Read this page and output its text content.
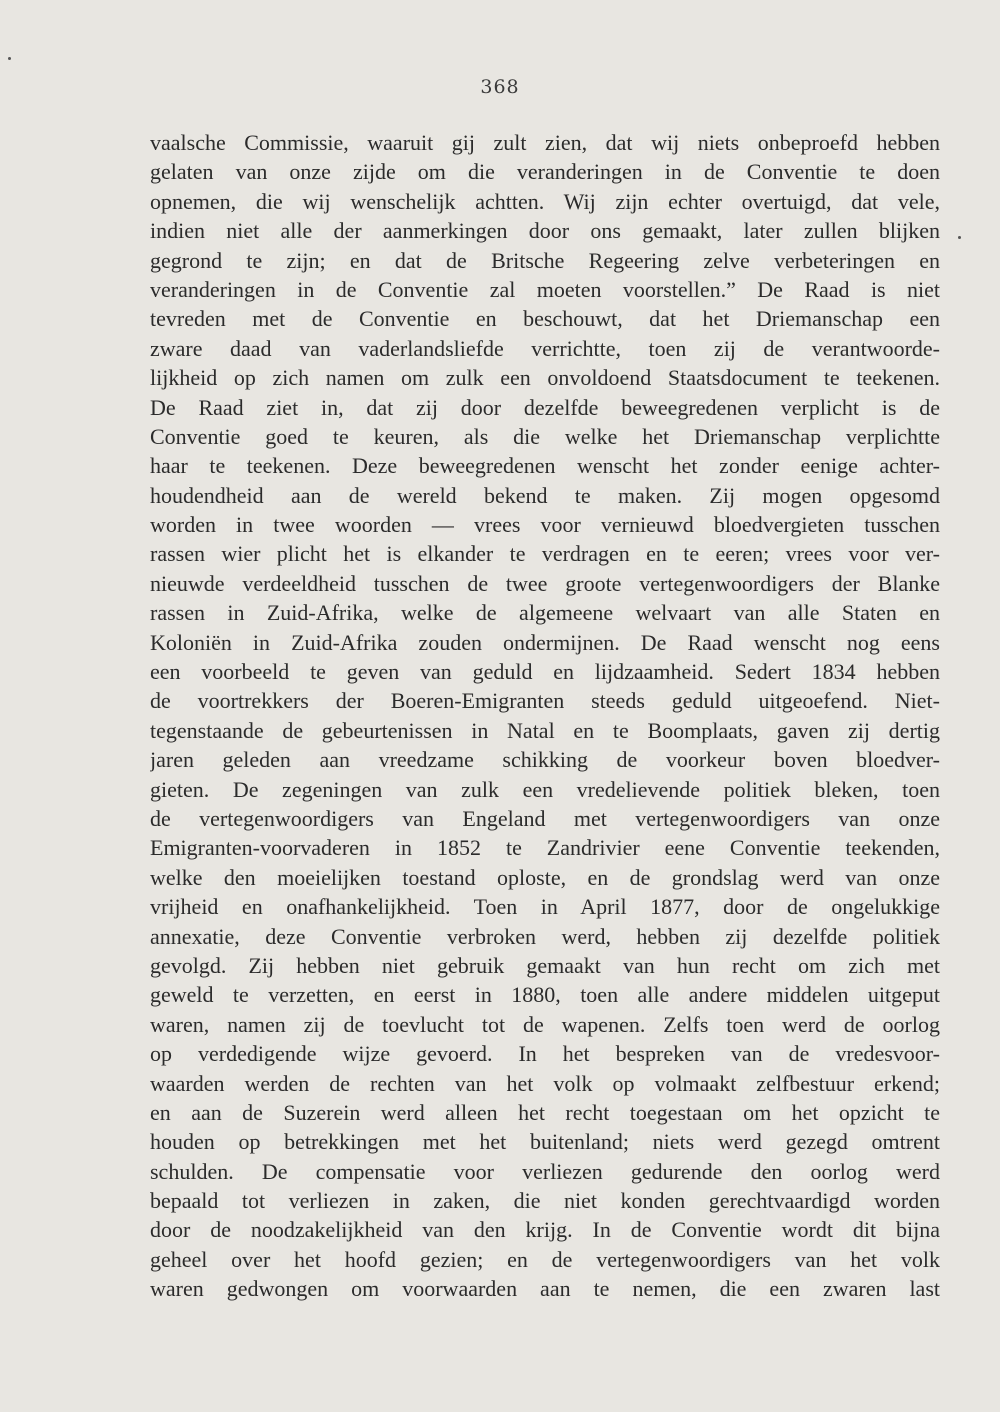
368
vaalsche Commissie, waaruit gij zult zien, dat wij niets onbeproefd hebben
gelaten van onze zijde om die veranderingen in de Conventie te doen
opnemen, die wij wenschelijk achtten. Wij zijn echter overtuigd, dat vele,
indien niet alle der aanmerkingen door ons gemaakt, later zullen blijken
gegrond te zijn; en dat de Britsche Regeering zelve verbeteringen en
veranderingen in de Conventie zal moeten voorstellen.” De Raad is niet
tevreden met de Conventie en beschouwt, dat het Driemanschap een
zware daad van vaderlandsliefde verrichtte, toen zij de verantwoorde-
lijkheid op zich namen om zulk een onvoldoend Staatsdocument te teekenen.
De Raad ziet in, dat zij door dezelfde beweegredenen verplicht is de
Conventie goed te keuren, als die welke het Driemanschap verplichtte
haar te teekenen. Deze beweegredenen wenscht het zonder eenige achter-
houdendheid aan de wereld bekend te maken. Zij mogen opgesomd
worden in twee woorden — vrees voor vernieuwd bloedvergieten tusschen
rassen wier plicht het is elkander te verdragen en te eeren; vrees voor ver-
nieuwde verdeeldheid tusschen de twee groote vertegenwoordigers der Blanke
rassen in Zuid-Afrika, welke de algemeene welvaart van alle Staten en
Koloniën in Zuid-Afrika zouden ondermijnen. De Raad wenscht nog eens
een voorbeeld te geven van geduld en lijdzaamheid. Sedert 1834 hebben
de voortrekkers der Boeren-Emigranten steeds geduld uitgeoefend. Niet-
tegenstaande de gebeurtenissen in Natal en te Boomplaats, gaven zij dertig
jaren geleden aan vreedzame schikking de voorkeur boven bloedver-
gieten. De zegeningen van zulk een vredelievende politiek bleken, toen
de vertegenwoordigers van Engeland met vertegenwoordigers van onze
Emigranten-voorvaderen in 1852 te Zandrivier eene Conventie teekenden,
welke den moeielijken toestand oploste, en de grondslag werd van onze
vrijheid en onafhankelijkheid. Toen in April 1877, door de ongelukkige
annexatie, deze Conventie verbroken werd, hebben zij dezelfde politiek
gevolgd. Zij hebben niet gebruik gemaakt van hun recht om zich met
geweld te verzetten, en eerst in 1880, toen alle andere middelen uitgeput
waren, namen zij de toevlucht tot de wapenen. Zelfs toen werd de oorlog
op verdedigende wijze gevoerd. In het bespreken van de vredesvoor-
waarden werden de rechten van het volk op volmaakt zelfbestuur erkend;
en aan de Suzerein werd alleen het recht toegestaan om het opzicht te
houden op betrekkingen met het buitenland; niets werd gezegd omtrent
schulden. De compensatie voor verliezen gedurende den oorlog werd
bepaald tot verliezen in zaken, die niet konden gerechtvaardigd worden
door de noodzakelijkheid van den krijg. In de Conventie wordt dit bijna
geheel over het hoofd gezien; en de vertegenwoordigers van het volk
waren gedwongen om voorwaarden aan te nemen, die een zwaren last
